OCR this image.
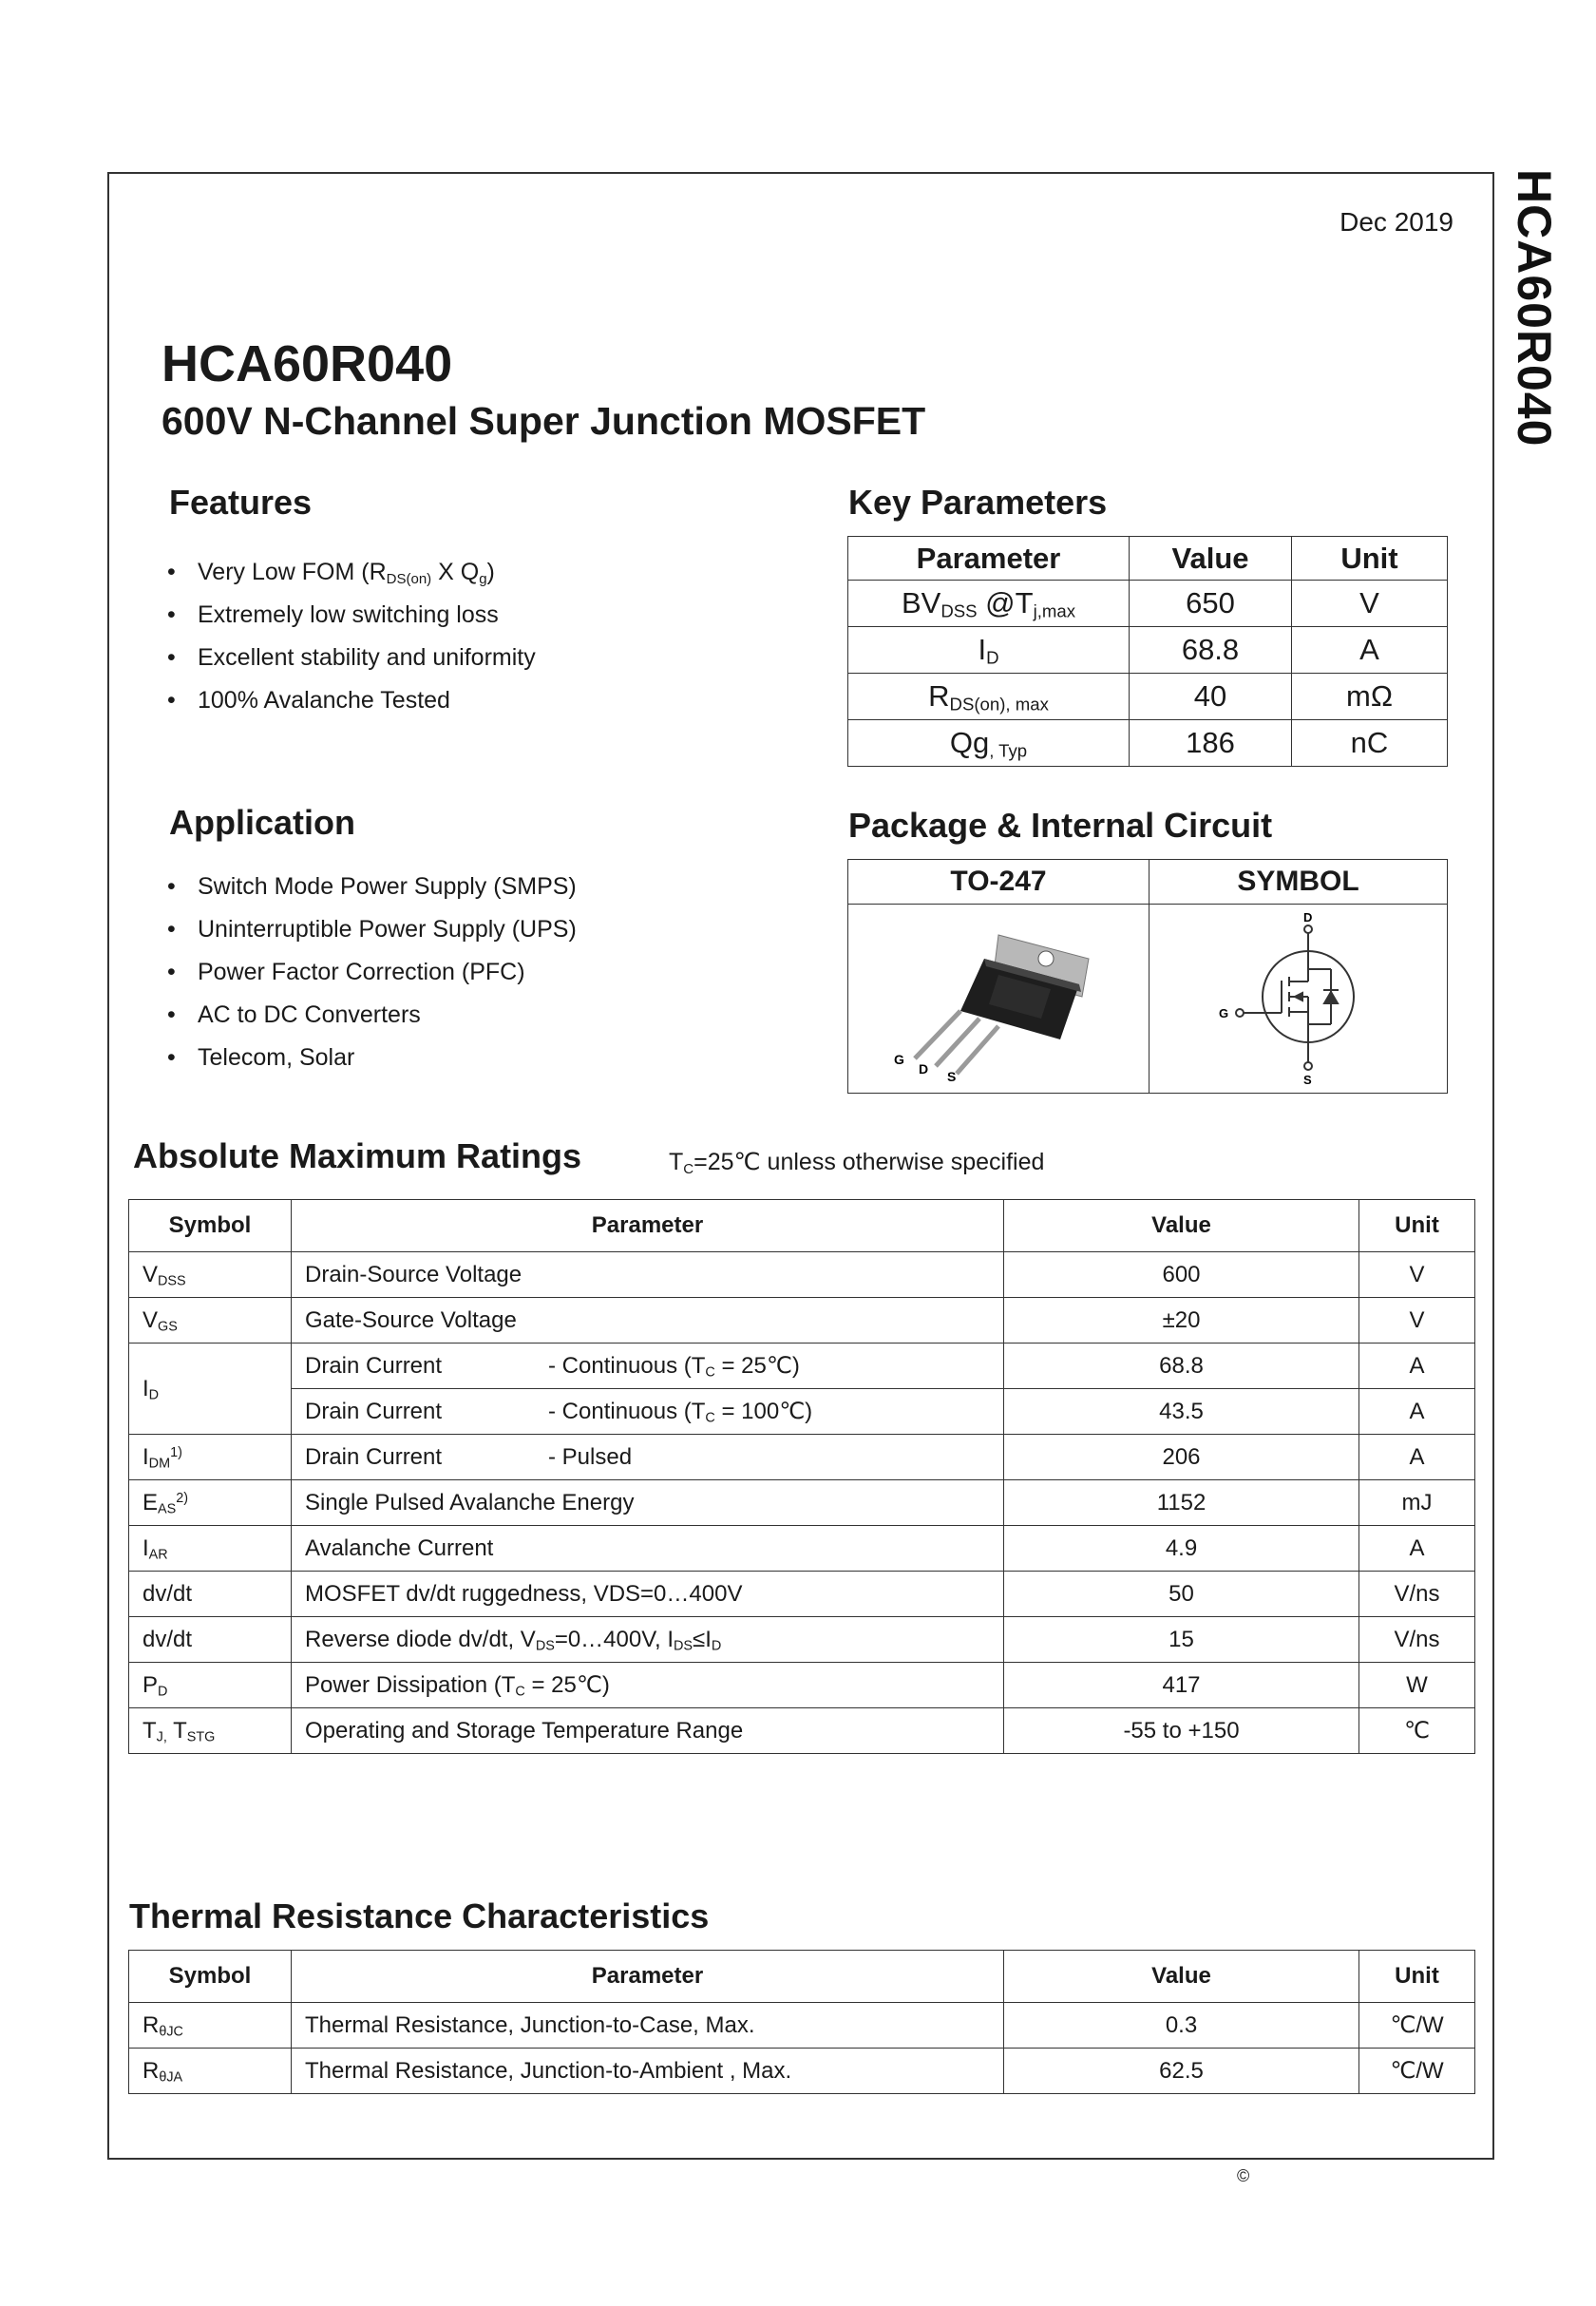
HCA60R040
Dec 2019
HCA60R040
600V N-Channel Super Junction MOSFET
Features
• Very Low FOM ($R_{DS(on)}$ X $Q_g$)
• Extremely low switching loss
• Excellent stability and uniformity
• 100% Avalanche Tested
Key Parameters
Parameter	Value	Unit
$BV_{DSS}$ $@T_{j,max}$	650	V
$I_D$	68.8	A
$R_{DS(on), max}$	40	mΩ
$Qg_{, Typ}$	186	nC
Application
• Switch Mode Power Supply (SMPS)
• Uninterruptible Power Supply (UPS)
• Power Factor Correction (PFC)
• AC to DC Converters
• Telecom, Solar
Package & Internal Circuit
TO-247	SYMBOL

G
D S	D
G
S
Absolute Maximum Ratings	$T_C=25℃$ unless otherwise specified
Symbol	Parameter	Value	Unit
$V_{DSS}$	Drain-Source Voltage	600	V
$V_{GS}$	Gate-Source Voltage	±20	V
$I_D$	Drain Current - Continuous ($T_C$ = 25℃)	68.8	A
	Drain Current - Continuous ($T_C$ = 100℃)	43.5	A
$I_{DM}^{1)}$	Drain Current - Pulsed	206	A
$E_{AS}^{2)}$	Single Pulsed Avalanche Energy	1152	mJ
$I_{AR}$	Avalanche Current	4.9	A
dv/dt	MOSFET dv/dt ruggedness, VDS=0…400V	50	V/ns
dv/dt	Reverse diode dv/dt, $V_{DS}=0\dots 400V$, $I_{DS}\le I_D$	15	V/ns
$P_D$	Power Dissipation ($T_C$ = 25℃)	417	W
$T_{J,}$ $T_{STG}$	Operating and Storage Temperature Range	-55 to +150	℃
Thermal Resistance Characteristics
Symbol	Parameter	Value	Unit
$R_{\theta JC}$	Thermal Resistance, Junction-to-Case, Max.	0.3	℃/W
$R_{\theta JA}$	Thermal Resistance, Junction-to-Ambient , Max.	62.5	℃/W
©
